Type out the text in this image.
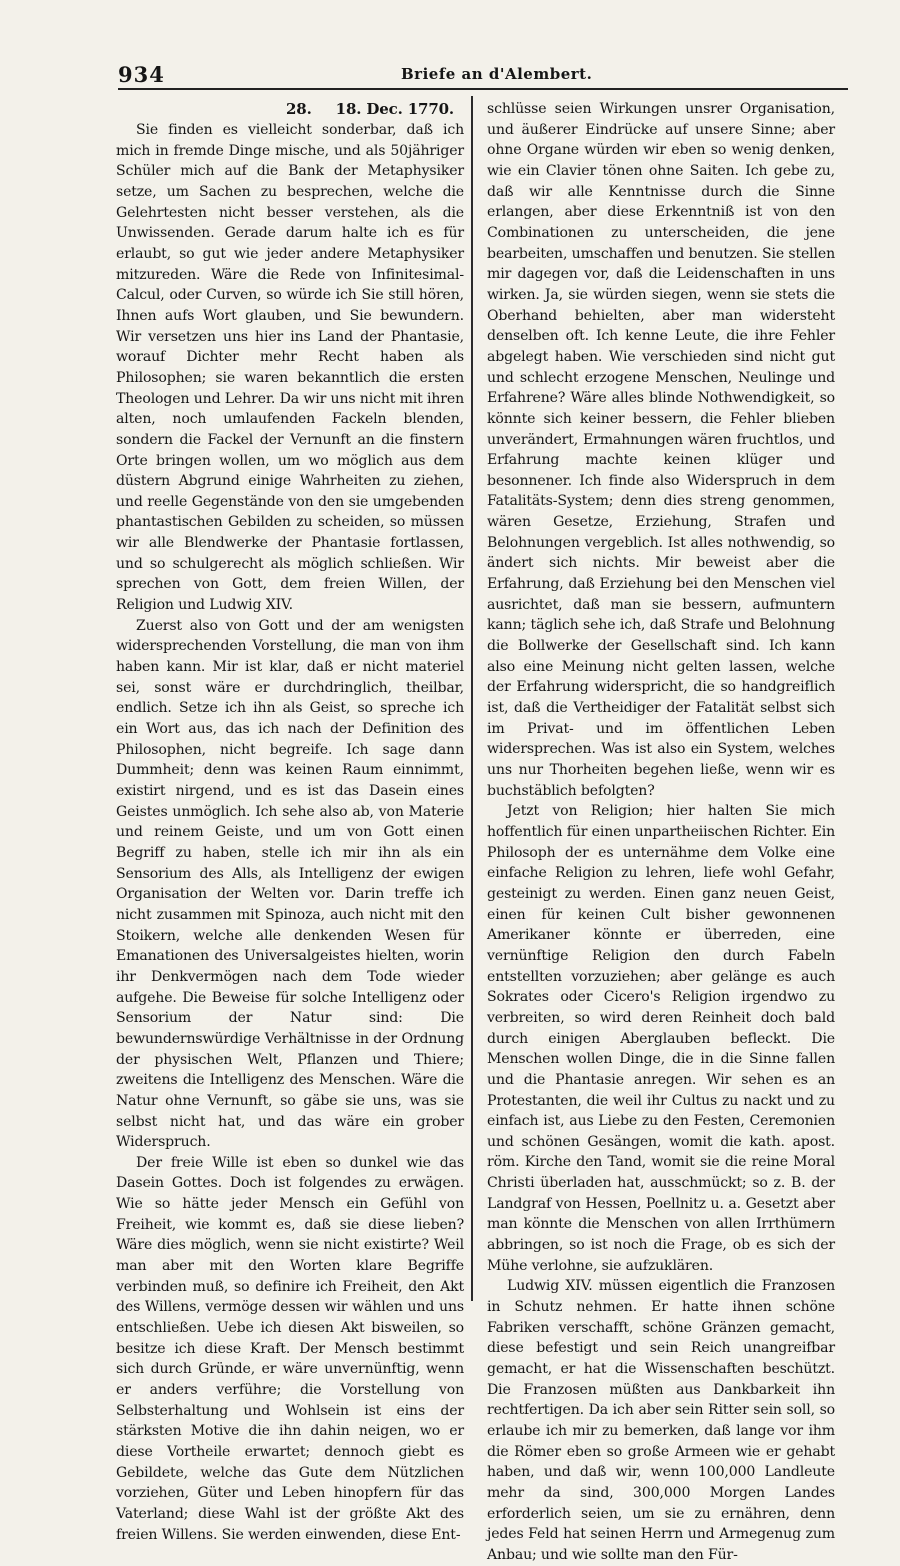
934	Briefe an d'Alembert.
28. 18. Dec. 1770.

Sie finden es vielleicht sonderbar, daß ich mich in fremde Dinge mische, und als 50jähriger Schüler mich auf die Bank der Metaphysiker setze, um Sachen zu besprechen, welche die Gelehrtesten nicht besser verstehen, als die Unwissenden. Gerade darum halte ich es für erlaubt, so gut wie jeder andere Metaphysiker mitzureden. Wäre die Rede von Infinitesimal-Calcul, oder Curven, so würde ich Sie still hören, Ihnen aufs Wort glauben, und Sie bewundern. Wir versetzen uns hier ins Land der Phantasie, worauf Dichter mehr Recht haben als Philosophen; sie waren bekanntlich die ersten Theologen und Lehrer. Da wir uns nicht mit ihren alten, noch umlaufenden Fackeln blenden, sondern die Fackel der Vernunft an die finstern Orte bringen wollen, um wo möglich aus dem düstern Abgrund einige Wahrheiten zu ziehen, und reelle Gegenstände von den sie umgebenden phantastischen Gebilden zu scheiden, so müssen wir alle Blendwerke der Phantasie fortlassen, und so schulgerecht als möglich schließen. Wir sprechen von Gott, dem freien Willen, der Religion und Ludwig XIV.

Zuerst also von Gott und der am wenigsten widersprechenden Vorstellung, die man von ihm haben kann. Mir ist klar, daß er nicht materiel sei, sonst wäre er durchdringlich, theilbar, endlich. Setze ich ihn als Geist, so spreche ich ein Wort aus, das ich nach der Definition des Philosophen, nicht begreife. Ich sage dann Dummheit; denn was keinen Raum einnimmt, existirt nirgend, und es ist das Dasein eines Geistes unmöglich. Ich sehe also ab, von Materie und reinem Geiste, und um von Gott einen Begriff zu haben, stelle ich mir ihn als ein Sensorium des Alls, als Intelligenz der ewigen Organisation der Welten vor. Darin treffe ich nicht zusammen mit Spinoza, auch nicht mit den Stoikern, welche alle denkenden Wesen für Emanationen des Universalgeistes hielten, worin ihr Denkvermögen nach dem Tode wieder aufgehe. Die Beweise für solche Intelligenz oder Sensorium der Natur sind: Die bewundernswürdige Verhältnisse in der Ordnung der physischen Welt, Pflanzen und Thiere; zweitens die Intelligenz des Menschen. Wäre die Natur ohne Vernunft, so gäbe sie uns, was sie selbst nicht hat, und das wäre ein grober Widerspruch.

Der freie Wille ist eben so dunkel wie das Dasein Gottes. Doch ist folgendes zu erwägen. Wie so hätte jeder Mensch ein Gefühl von Freiheit, wie kommt es, daß sie diese lieben? Wäre dies möglich, wenn sie nicht existirte? Weil man aber mit den Worten klare Begriffe verbinden muß, so definire ich Freiheit, den Akt des Willens, vermöge dessen wir wählen und uns entschließen. Uebe ich diesen Akt bisweilen, so besitze ich diese Kraft. Der Mensch bestimmt sich durch Gründe, er wäre unvernünftig, wenn er anders verführe; die Vorstellung von Selbsterhaltung und Wohlsein ist eins der stärksten Motive die ihn dahin neigen, wo er diese Vortheile erwartet; dennoch giebt es Gebildete, welche das Gute dem Nützlichen vorziehen, Güter und Leben hinopfern für das Vaterland; diese Wahl ist der größte Akt des freien Willens. Sie werden einwenden, diese Ent-

schlüsse seien Wirkungen unsrer Organisation, und äußerer Eindrücke auf unsere Sinne; aber ohne Organe würden wir eben so wenig denken, wie ein Clavier tönen ohne Saiten. Ich gebe zu, daß wir alle Kenntnisse durch die Sinne erlangen, aber diese Erkenntniß ist von den Combinationen zu unterscheiden, die jene bearbeiten, umschaffen und benutzen. Sie stellen mir dagegen vor, daß die Leidenschaften in uns wirken. Ja, sie würden siegen, wenn sie stets die Oberhand behielten, aber man widersteht denselben oft. Ich kenne Leute, die ihre Fehler abgelegt haben. Wie verschieden sind nicht gut und schlecht erzogene Menschen, Neulinge und Erfahrene? Wäre alles blinde Nothwendigkeit, so könnte sich keiner bessern, die Fehler blieben unverändert, Ermahnungen wären fruchtlos, und Erfahrung machte keinen klüger und besonnener. Ich finde also Widerspruch in dem Fatalitäts-System; denn dies streng genommen, wären Gesetze, Erziehung, Strafen und Belohnungen vergeblich. Ist alles nothwendig, so ändert sich nichts. Mir beweist aber die Erfahrung, daß Erziehung bei den Menschen viel ausrichtet, daß man sie bessern, aufmuntern kann; täglich sehe ich, daß Strafe und Belohnung die Bollwerke der Gesellschaft sind. Ich kann also eine Meinung nicht gelten lassen, welche der Erfahrung widerspricht, die so handgreiflich ist, daß die Vertheidiger der Fatalität selbst sich im Privat- und im öffentlichen Leben widersprechen. Was ist also ein System, welches uns nur Thorheiten begehen ließe, wenn wir es buchstäblich befolgten?

Jetzt von Religion; hier halten Sie mich hoffentlich für einen unpartheiischen Richter. Ein Philosoph der es unternähme dem Volke eine einfache Religion zu lehren, liefe wohl Gefahr, gesteinigt zu werden. Einen ganz neuen Geist, einen für keinen Cult bisher gewonnenen Amerikaner könnte er überreden, eine vernünftige Religion den durch Fabeln entstellten vorzuziehen; aber gelänge es auch Sokrates oder Cicero's Religion irgendwo zu verbreiten, so wird deren Reinheit doch bald durch einigen Aberglauben befleckt. Die Menschen wollen Dinge, die in die Sinne fallen und die Phantasie anregen. Wir sehen es an Protestanten, die weil ihr Cultus zu nackt und zu einfach ist, aus Liebe zu den Festen, Ceremonien und schönen Gesängen, womit die kath. apost. röm. Kirche den Tand, womit sie die reine Moral Christi überladen hat, ausschmückt; so z. B. der Landgraf von Hessen, Poellnitz u. a. Gesetzt aber man könnte die Menschen von allen Irrthümern abbringen, so ist noch die Frage, ob es sich der Mühe verlohne, sie aufzuklären.

Ludwig XIV. müssen eigentlich die Franzosen in Schutz nehmen. Er hatte ihnen schöne Fabriken verschafft, schöne Gränzen gemacht, diese befestigt und sein Reich unangreifbar gemacht, er hat die Wissenschaften beschützt. Die Franzosen müßten aus Dankbarkeit ihn rechtfertigen. Da ich aber sein Ritter sein soll, so erlaube ich mir zu bemerken, daß lange vor ihm die Römer eben so große Armeen wie er gehabt haben, und daß wir, wenn 100,000 Landleute mehr da sind, 300,000 Morgen Landes erforderlich seien, um sie zu ernähren, denn jedes Feld hat seinen Herrn und Armegenug zum Anbau; und wie sollte man den Für-
